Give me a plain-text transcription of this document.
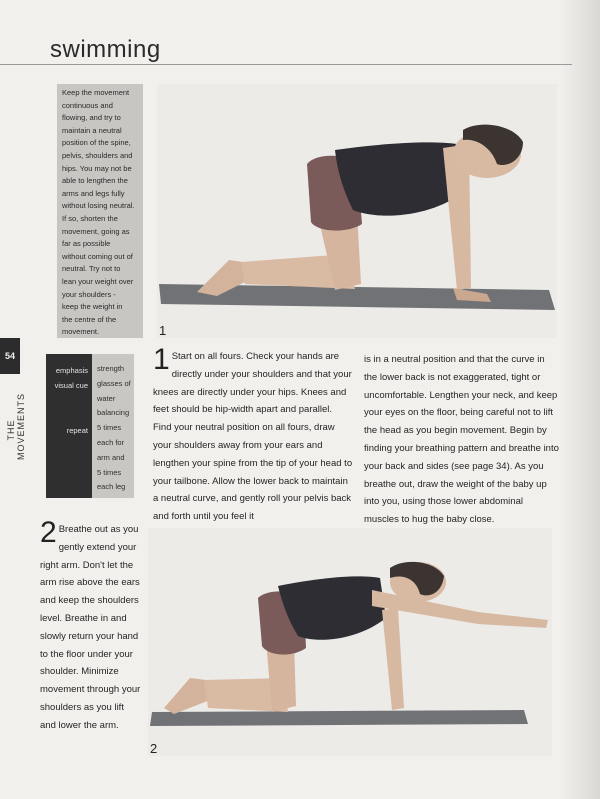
swimming
Keep the movement
continuous and
flowing, and try to
maintain a neutral
position of the spine,
pelvis, shoulders and
hips. You may not be
able to lengthen the
arms and legs fully
without losing neutral.
If so, shorten the
movement, going as
far as possible
without coming out of
neutral. Try not to
lean your weight over
your shoulders -
keep the weight in
the centre of the
movement.
54
THE MOVEMENTS
emphasis
visual cue
repeat
strength
glasses of
water
balancing
5 times
each for
arm and
5 times
each leg
1
1 Start on all fours. Check your hands are directly under your shoulders and that your knees are directly under your hips. Knees and feet should be hip-width apart and parallel. Find your neutral position on all fours, draw your shoulders away from your ears and lengthen your spine from the tip of your head to your tailbone. Allow the lower back to maintain a neutral curve, and gently roll your pelvis back and forth until you feel it
is in a neutral position and that the curve in the lower back is not exaggerated, tight or uncomfortable. Lengthen your neck, and keep your eyes on the floor, being careful not to lift the head as you begin movement. Begin by finding your breathing pattern and breathe into your back and sides (see page 34). As you breathe out, draw the weight of the baby up into you, using those lower abdominal muscles to hug the baby close.
2 Breathe out as you gently extend your right arm. Don't let the arm rise above the ears and keep the shoulders level. Breathe in and slowly return your hand to the floor under your shoulder. Minimize movement through your shoulders as you lift and lower the arm.
2
